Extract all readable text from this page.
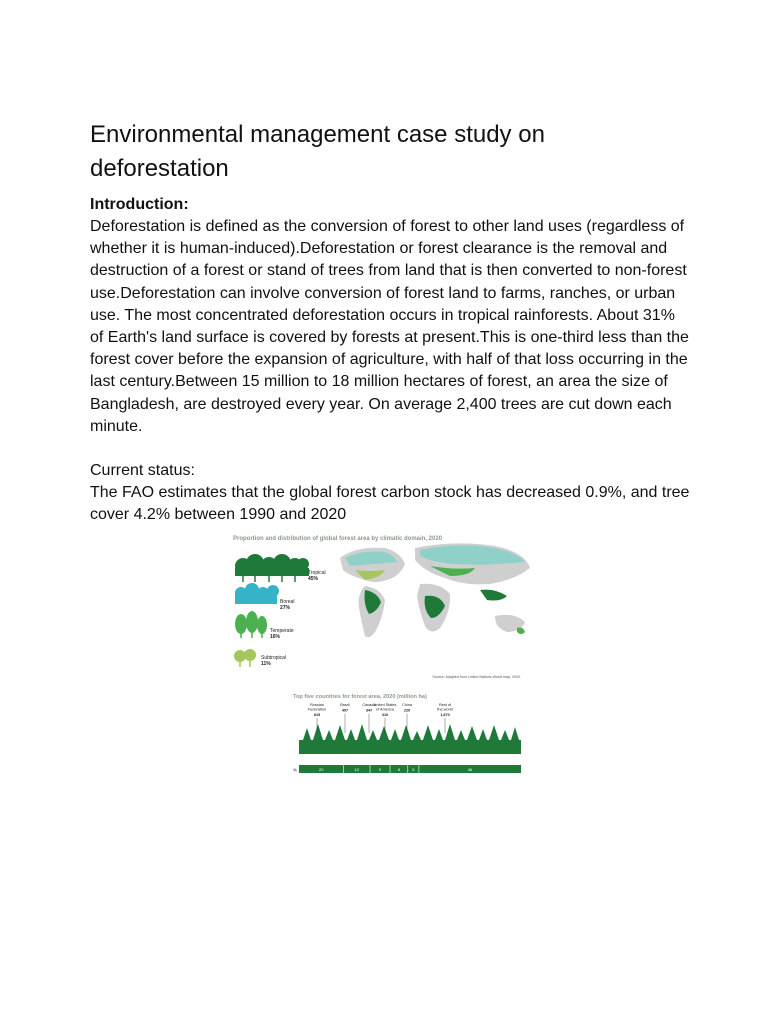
Environmental management case study on deforestation

Introduction:

Deforestation is defined as the conversion of forest to other land uses (regardless of whether it is human-induced).Deforestation or forest clearance is the removal and destruction of a forest or stand of trees from land that is then converted to non-forest use.Deforestation can involve conversion of forest land to farms, ranches, or urban use. The most concentrated deforestation occurs in tropical rainforests. About 31% of Earth's land surface is covered by forests at present.This is one-third less than the forest cover before the expansion of agriculture, with half of that loss occurring in the last century.Between 15 million to 18 million hectares of forest, an area the size of Bangladesh, are destroyed every year. On average 2,400 trees are cut down each minute.

Current status:

The FAO estimates that the global forest carbon stock has decreased 0.9%, and tree cover 4.2% between 1990 and 2020

Proportion and distribution of global forest area by climatic domain, 2020
Tropical
45%
Boreal
27%
Temperate
16%
Subtropical
11%
Source: Adapted from United Nations World map, 2020.
Top five countries for forest area, 2020 (million ha)
%
Russian Federation
815
Brazil
497
Canada
347
United States of America
310
China
220
Rest of the world
1,870
20	12	9	8	5	46
